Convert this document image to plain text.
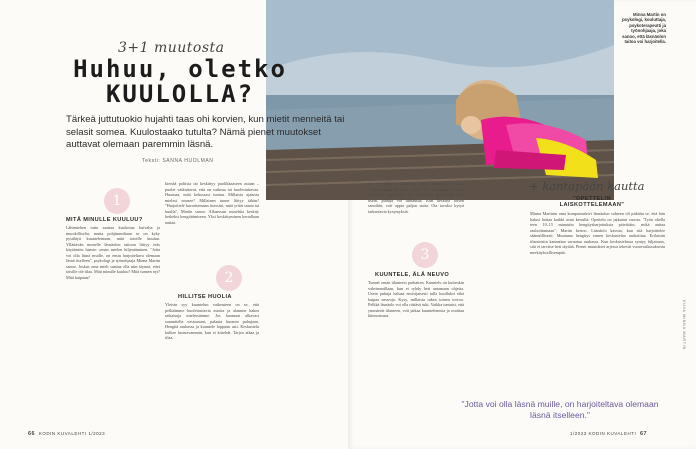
Minna Martin on psykologi, kouluttaja, psykoterapeutti ja työnohjaaja, joka sanoo, että läsnäolon taitoa voi harjoitella.
3+1 muutosta
Huhuu, oletko KUULOLLA?
Tärkeä juttutuokio hujahti taas ohi korvien, kun mietit menneitä tai selasit somea. Kuulostaako tutulta? Nämä pienet muutokset auttavat olemaan paremmin läsnä.
Teksti: SANNA HUOLMAN
1
MITÄ MINULLE KUULUU?
Lähimiehen tuttu saattaa kuulostaa kuivalta ja muodolliselta, mutta pohjimmiltaan se on kyky pysähtyä kuuntelemaan, mitä toiselle kuuluu. Yllättävän monelle läsnäolon taitoon liittyy eräs käytännön haaste: oman mielen hiljentäminen. "Jotta voi olla läsnä muille, on ensin harjoiteltava olemaan läsnä itselleen", psykologi ja työnohjaaja Minna Martin sanoo. Joskus oma mieli saattaa olla niin täynnä, ettei toisille ole tilaa. Mitä minulle kuuluu? Mitä tunnen nyt? Mitä kaipaan?
kiertää poliisia tai keskittyy puolikkaaseen asiaan – puolet vaikuttavat, että on vaikeaa tai huolestuttavaa. Huomaa, mitä kehossasi tuntuu. Millaista ajatusta mielesi nousee? Millainen tunne liittyy tähän? "Harjoittele havaitsemaan itsessäsi, mitä yrität sanoa tai kuulla", Martin sanoo. Alkaessasi murehtia keskity hetkeksi hengittämiseen. Yksi keskittyminen kerrallaan auttaa.
2
HILLITSE HUOLIA
Yleisin syy kuuntelun vaikeuteen on se, että pelkäämme huolestuttavia asioita ja alamme hakea ratkaisuja mielessämme. Jos huomaat alkavasi suunnitella vastaustasi, palauta huomio puhujaan. Hengitä rauhassa ja kuuntele loppuun asti. Keskustelu kulkee luontevammin, kun et kiirehdi. Tarjoa aikaa ja tilaa.
taa ja miltä se kuulostaa toisen ihmisen korvaan. Vuorovaikutus perustuu siihen, että molemmat kokevat tulevansa kuulluiksi. Jos kuuntelija keskeyttää liian usein, puhuja voi turhautua. Kun keskityt toisen sanoihin, voit oppia paljon uutta. Ota tavaksi kysyä tarkentavia kysymyksiä.
3
KUUNTELE, ÄLÄ NEUVO
Tunnet oman tilanteesi parhaiten. Kuuntelu on kuitenkin vahvimmillaan, kun et ryhdy heti antamaan ohjeita. Usein puhuja haluaa ensisijaisesti tulla kuulluksi eikä kaipaa neuvoja. Kysy, millaista tukea toinen toivoo. Pelkkä läsnäolo voi olla riittävä tuki. Vaikka tuntuisi, että ymmärrät tilanteen, voit jatkaa kuuntelemista ja osoittaa kiinnostusta.
+ kantapään kautta
"OPETTELIN LAISKOTTELEMAAN"
Minna Martinin oma kompastuskivi läsnäolon suhteen oli pitkään se, että hän halusi hoitaa kaikki asiat kerralla. Opettelu on jatkunut vuosia. "Työn ohella teen 10–15 minuutin hengitysharjoituksia päivittäin, mikä auttaa rauhoittumaan", Martin kertoo. Läsnäolo kasvaa, kun sitä harjoittelee säännöllisesti. Muutama hengitys ennen keskustelua rauhoittaa. Erilaisiin tilanteisiin kannattaa varautua rauhassa. Kun keskustelussa syntyy hiljaisuus, sitä ei tarvitse heti täyttää. Pienet muutokset arjessa tekevät vuorovaikutuksesta merkityksellisempää.
"Jotta voi olla läsnä muille, on harjoiteltava olemaan läsnä itselleen."
KUVA MINNA MARTIN
66 KODIN KUVALEHTI 1/2023	1/2023 KODIN KUVALEHTI 67
